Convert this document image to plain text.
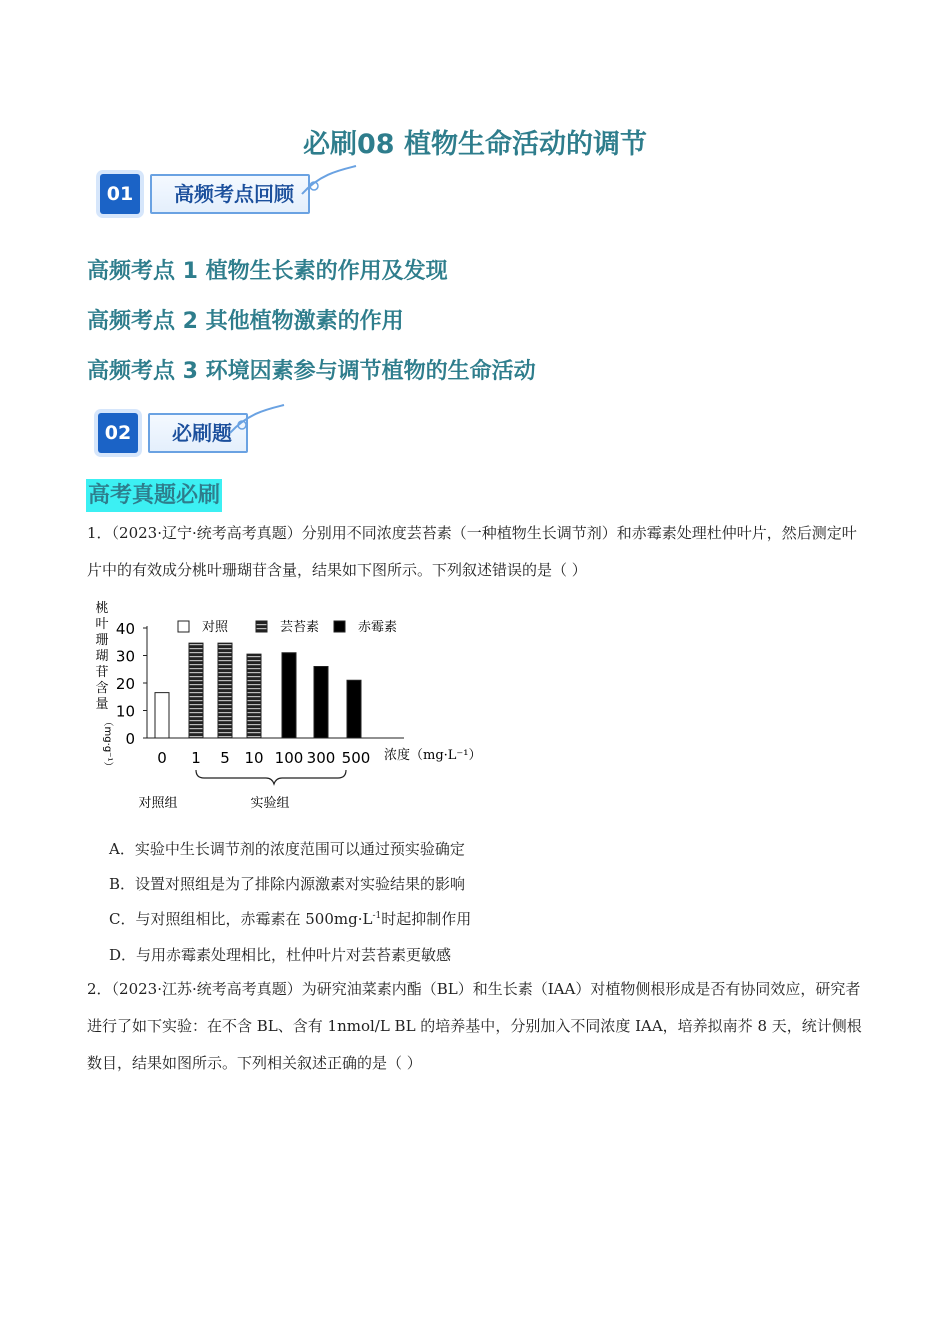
必刷08 植物生命活动的调节
01	高频考点回顾
高频考点 1 植物生长素的作用及发现
高频考点 2 其他植物激素的作用
高频考点 3 环境因素参与调节植物的生命活动
02	必刷题
高考真题必刷
1．（2023·辽宁·统考高考真题）分别用不同浓度芸苔素（一种植物生长调节剂）和赤霉素处理杜仲叶片，然后测定叶片中的有效成分桃叶珊瑚苷含量，结果如下图所示。下列叙述错误的是（ ）
桃
叶
珊
瑚
苷
含
量
（mg·g⁻¹） 0
10
20
30
40
0 1 5 10 100 300 500 浓度（mg·L⁻¹）
对照	芸苔素	赤霉素
对照组	实验组
A．实验中生长调节剂的浓度范围可以通过预实验确定
B．设置对照组是为了排除内源激素对实验结果的影响
C．与对照组相比，赤霉素在 $500mg\cdot L^{-1}$时起抑制作用
D．与用赤霉素处理相比，杜仲叶片对芸苔素更敏感
2．（2023·江苏·统考高考真题）为研究油菜素内酯（BL）和生长素（IAA）对植物侧根形成是否有协同效应，研究者进行了如下实验：在不含 BL、含有 1nmol/L BL 的培养基中，分别加入不同浓度 IAA，培养拟南芥 8 天，统计侧根数目，结果如图所示。下列相关叙述正确的是（ ）
